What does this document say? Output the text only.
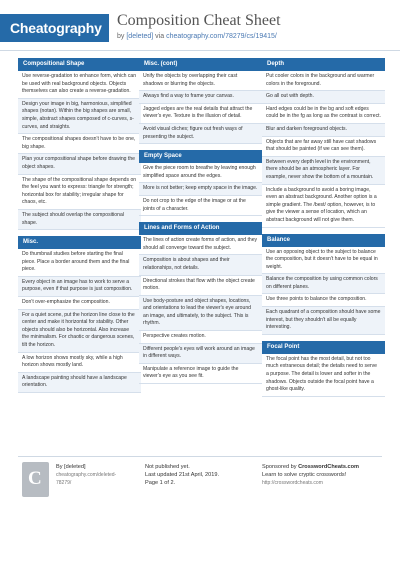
Cheatography Composition Cheat Sheet
by [deleted] via cheatography.com/78279/cs/19415/
Compositional Shape
Use reverse-gradation to enhance form, which can be used with real background objects. Objects themselves can also create a reverse-gradation.
Design your image in big, harmonious, simplified shapes (notan). Within the big shapes are small, simple, abstract shapes composed of c-curves, s-curves, and straights.
The compositional shapes doesn't have to be one, big shape.
Plan your compositional shape before drawing the object shapes.
The shape of the compositional shape depends on the feel you want to express: triangle for strength; horizontal box for stability; irregular shape for chaos, etc.
The subject should overlap the compositional shape.
Misc.
Do thumbnail studies before starting the final piece. Place a border around them and the final piece.
Every object in an image has to work to serve a purpose, even if that purpose is just composition.
Don't over-emphasize the composition.
For a quiet scene, put the horizon line close to the center and make it horizontal for stability. Other objects should also be horizontal. Also increase the minimalism. For chaotic or dangerous scenes, tilt the horizon.
A low horizon shows mostly sky, while a high horizon shows mostly land.
A landscape painting should have a landscape orientation.
Misc. (cont)
Unify the objects by overlapping their cast shadows or blurring the objects.
Always find a way to frame your canvas.
Jagged edges are the real details that attract the viewer's eye. Texture is the illusion of detail.
Avoid visual cliches; figure out fresh ways of presenting the subject.
Empty Space
Give the piece room to breathe by leaving enough simplified space around the edges.
More is not better; keep empty space in the image.
Do not crop to the edge of the image or at the joints of a character.
Lines and Forms of Action
The lines of action create forms of action, and they should all converge toward the subject.
Composition is about shapes and their relationships, not details.
Directional strokes that flow with the object create motion.
Use body-posture and object shapes, locations, and orientations to lead the viewer's eye around an image, and ultimately, to the subject. This is rhythm.
Perspective creates motion.
Different people's eyes will work around an image in different ways.
Manipulate a reference image to guide the viewer's eye as you see fit.
Depth
Put cooler colors in the background and warmer colors in the foreground.
Go all out with depth.
Hard edges could be in the bg and soft edges could be in the fg as long as the contrast is correct.
Blur and darken foreground objects.
Objects that are far away still have cast shadows that should be painted (if we can see them).
Between every depth level in the environment, there should be an atmospheric layer. For example, never show the bottom of a mountain.
Include a background to avoid a boring image, even an abstract background. Another option is a simple gradient. The /best/ option, however, is to give the viewer a sense of location, which an abstract background will not give them.
Balance
Use an opposing object to the subject to balance the composition, but it doesn't have to be equal in weight.
Balance the composition by using common colors on different planes.
Use three points to balance the composition.
Each quadrant of a composition should have some interest, but they shouldn't all be equally interesting.
Focal Point
The focal point has the most detail, but not too much extraneous detail; the details need to serve a purpose. The detail is lower and softer in the shadows. Objects outside the focal point have a ghost-like quality.
C
By [deleted]
cheatography.com/deleted-
78279/
Not published yet.
Last updated 21st April, 2019.
Page 1 of 2.
Sponsored by CrosswordCheats.com
Learn to solve cryptic crosswords!
http://crosswordcheats.com
